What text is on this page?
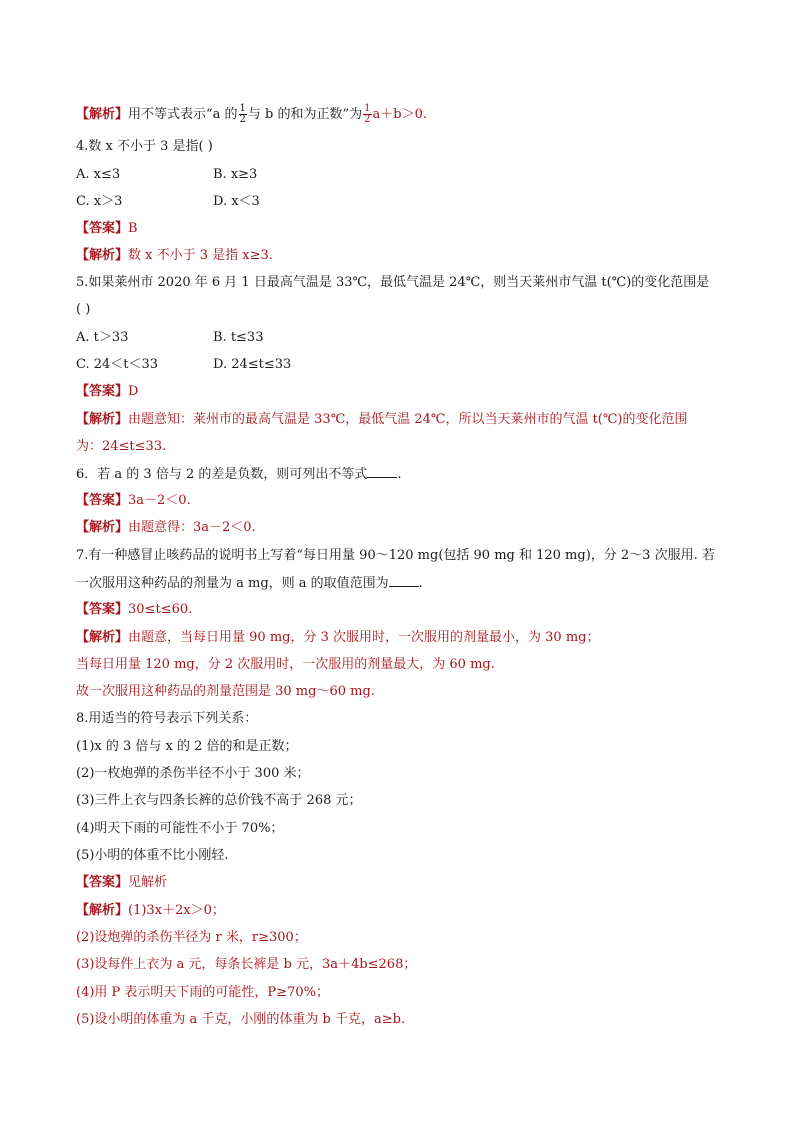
【解析】用不等式表示“a 的 $\frac{1}{2}$ 与 b 的和为正数”为 $\frac{1}{2} a+b>0$.
4.数 x 不小于 3 是指( )
A. x≤3	B. x≥3
C. x＞3	D. x＜3
【答案】B
【解析】数 x 不小于 3 是指 x≥3.
5.如果莱州市 2020 年 6 月 1 日最高气温是 33℃，最低气温是 24℃，则当天莱州市气温 t(℃)的变化范围是
( )
A. t＞33	B. t≤33
C. 24＜t＜33	D. 24≤t≤33
【答案】D
【解析】由题意知：莱州市的最高气温是 33℃，最低气温 24℃，所以当天莱州市的气温 t(℃)的变化范围
为：24≤t≤33.
6．若 a 的 3 倍与 2 的差是负数，则可列出不等式 .
【答案】3a－2＜0.
【解析】由题意得：3a－2＜0.
7.有一种感冒止咳药品的说明书上写着“每日用量 90～120 mg(包括 90 mg 和 120 mg)，分 2～3 次服用. 若
一次服用这种药品的剂量为 a mg，则 a 的取值范围为 .
【答案】30≤t≤60.
【解析】由题意，当每日用量 90 mg，分 3 次服用时，一次服用的剂量最小，为 30 mg；
当每日用量 120 mg，分 2 次服用时，一次服用的剂量最大，为 60 mg.
故一次服用这种药品的剂量范围是 30 mg～60 mg.
8.用适当的符号表示下列关系：
(1)x 的 3 倍与 x 的 2 倍的和是正数；
(2)一枚炮弹的杀伤半径不小于 300 米；
(3)三件上衣与四条长裤的总价钱不高于 268 元；
(4)明天下雨的可能性不小于 70%；
(5)小明的体重不比小刚轻.
【答案】见解析
【解析】(1)3x＋2x＞0；
(2)设炮弹的杀伤半径为 r 米，r≥300；
(3)设每件上衣为 a 元，每条长裤是 b 元，3a＋4b≤268；
(4)用 P 表示明天下雨的可能性，P≥70%；
(5)设小明的体重为 a 千克，小刚的体重为 b 千克，a≥b.
